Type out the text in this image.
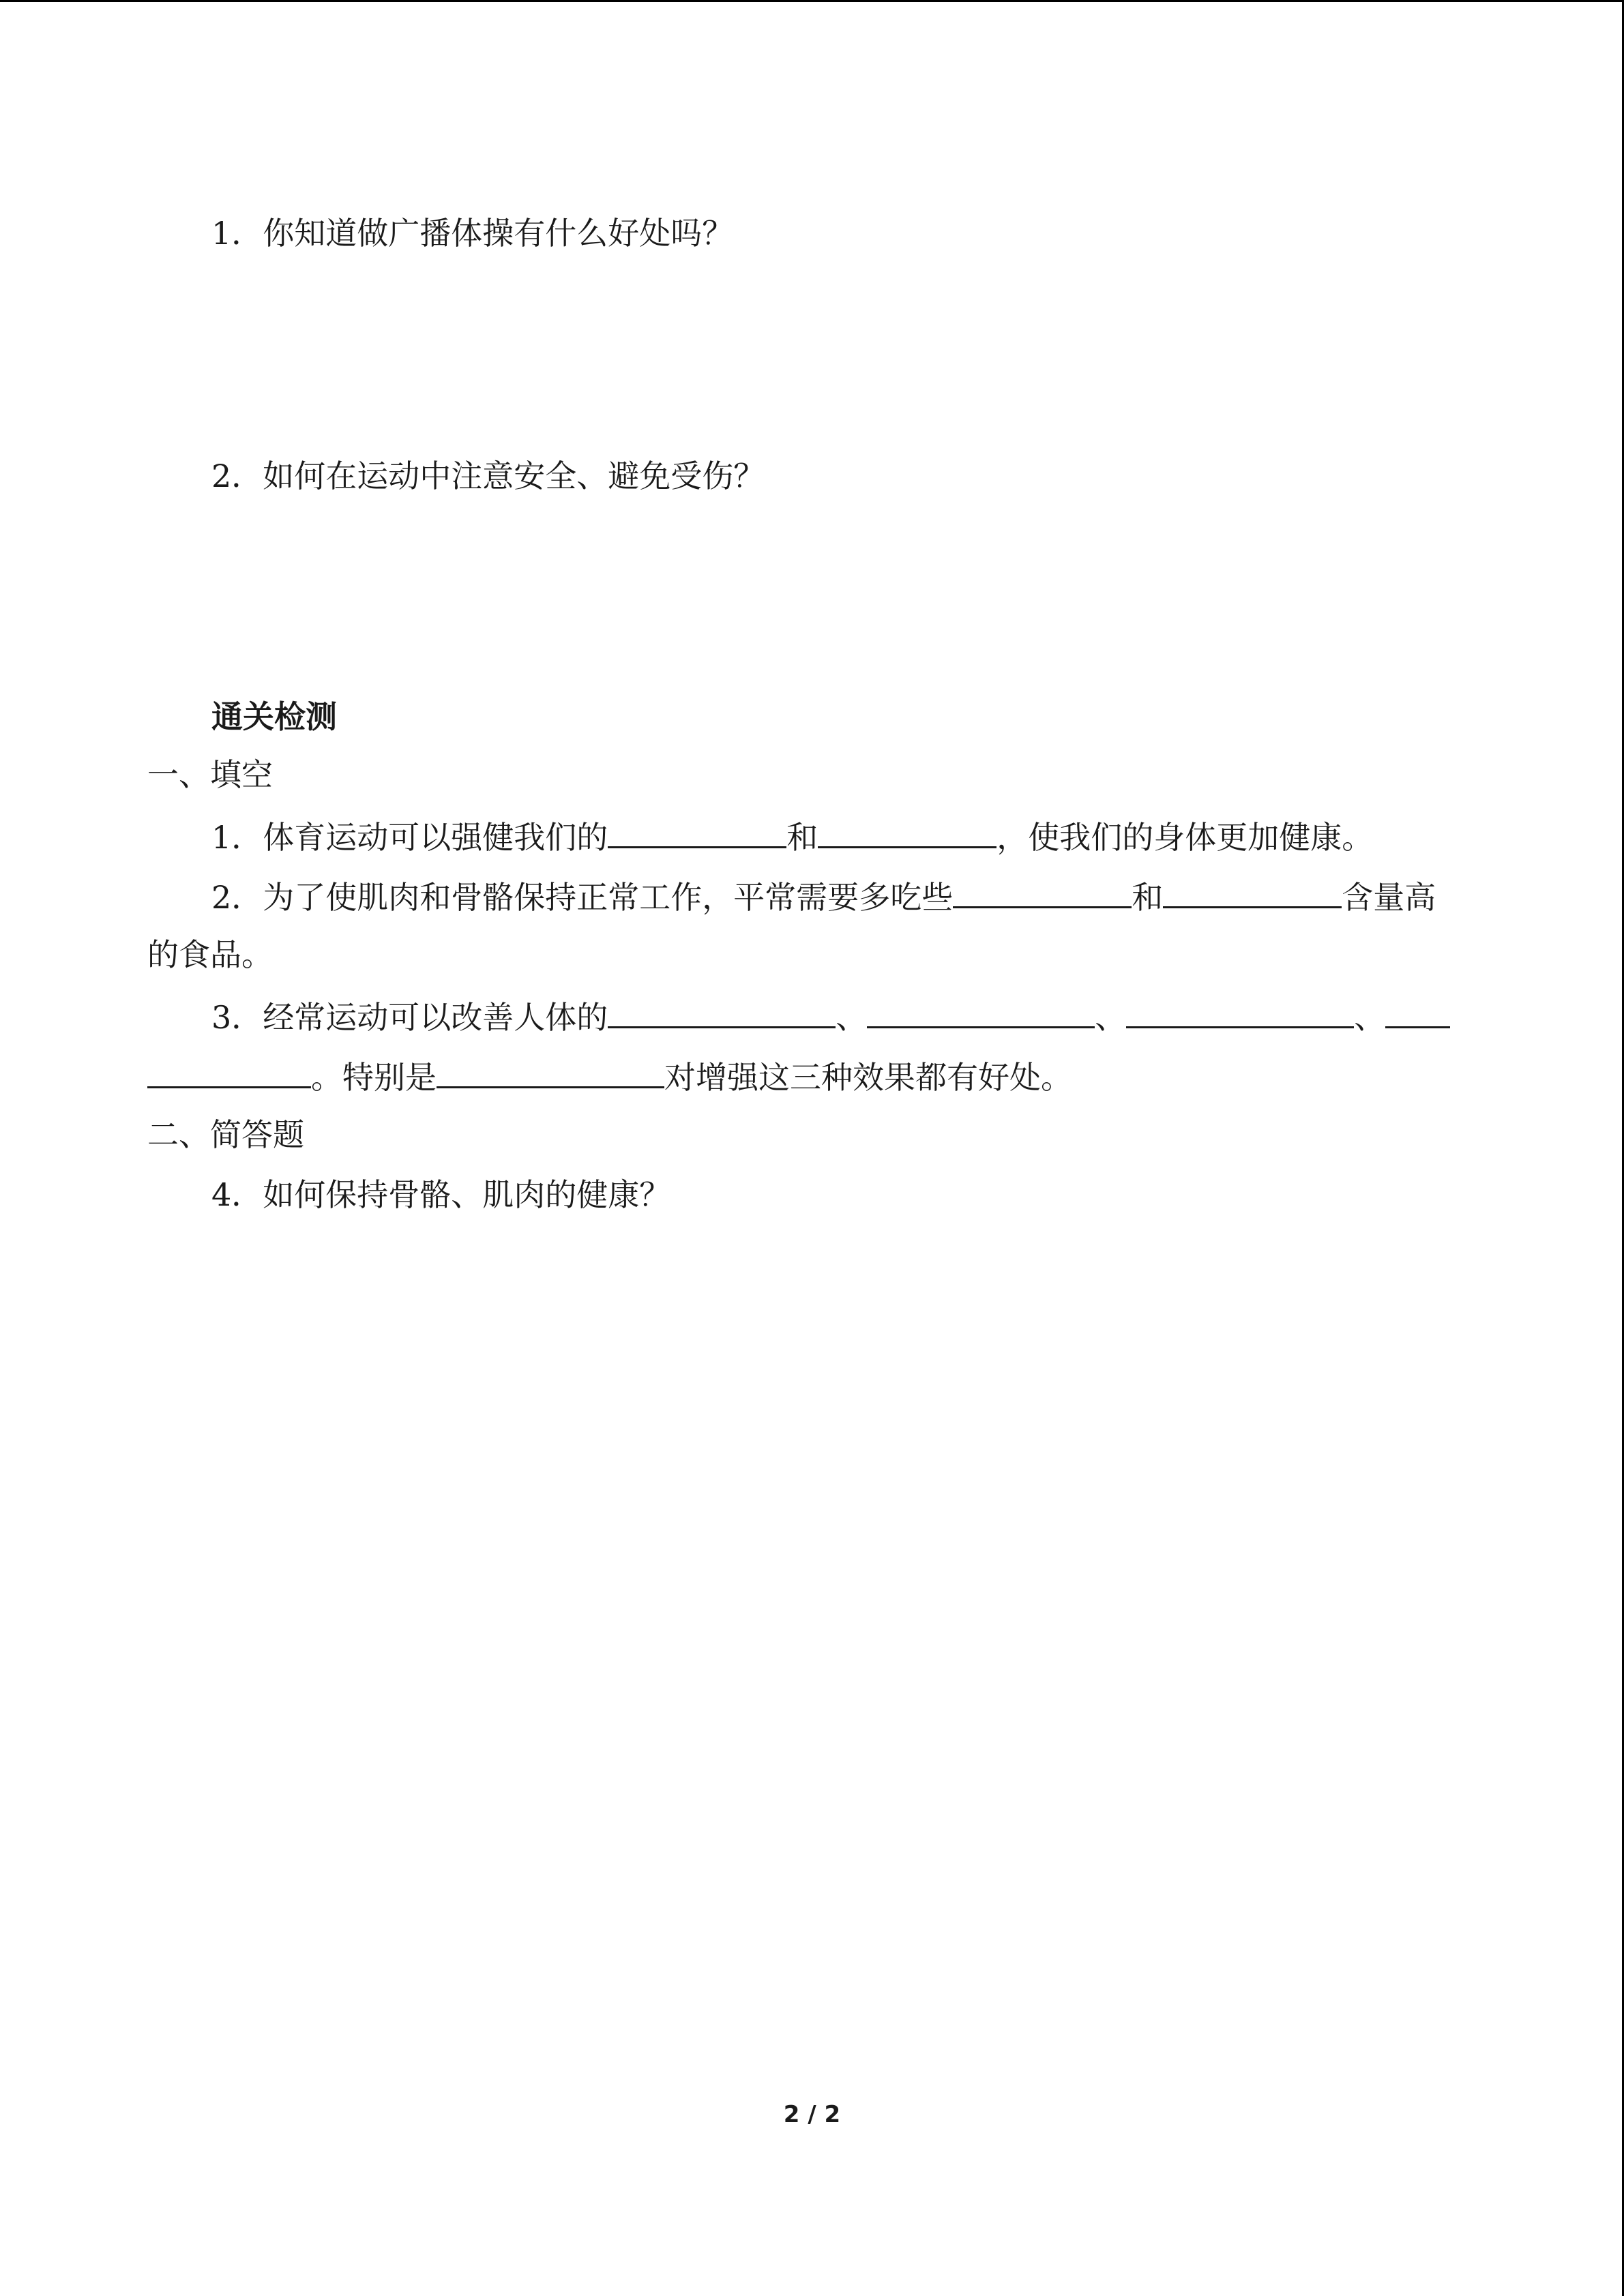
1．你知道做广播体操有什么好处吗？
2．如何在运动中注意安全、避免受伤？
通关检测
一、填空
1．体育运动可以强健我们的	和	，使我们的身体更加健康。
2．为了使肌肉和骨骼保持正常工作，平常需要多吃些	和	含量高
的食品。
3．经常运动可以改善人体的	、	、	、
。特别是	对增强这三种效果都有好处。
二、简答题
4．如何保持骨骼、肌肉的健康？
2 / 2
